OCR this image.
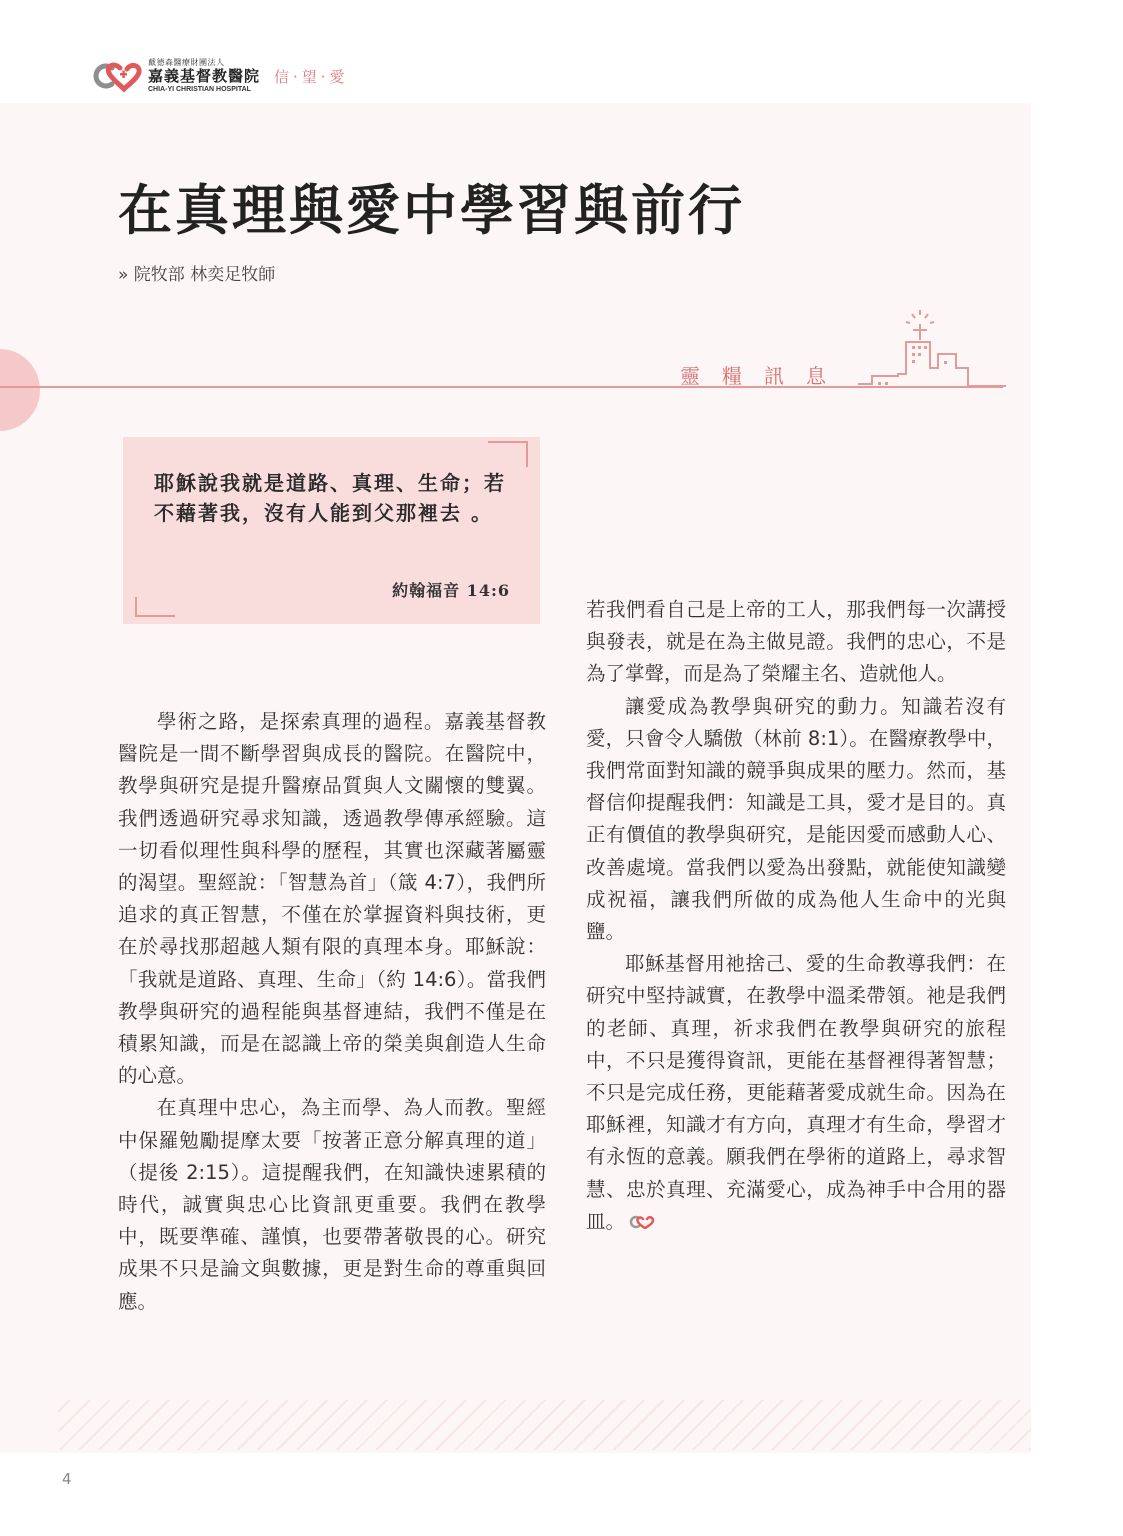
戴德森醫療財團法人
嘉義基督教醫院
CHIA-YI CHRISTIAN HOSPITAL
信·望·愛
在真理與愛中學習與前行
» 院牧部 林奕足牧師
靈糧訊息
耶穌說我就是道路、真理、生命；若不藉著我，沒有人能到父那裡去 。
約翰福音 14:6

學術之路，是探索真理的過程。嘉義基督教醫院是一間不斷學習與成長的醫院。在醫院中，教學與研究是提升醫療品質與人文關懷的雙翼。我們透過研究尋求知識，透過教學傳承經驗。這一切看似理性與科學的歷程，其實也深藏著屬靈的渴望。聖經說：「智慧為首」（箴 4:7），我們所追求的真正智慧，不僅在於掌握資料與技術，更在於尋找那超越人類有限的真理本身。耶穌說：「我就是道路、真理、生命」（約 14:6）。當我們教學與研究的過程能與基督連結，我們不僅是在積累知識，而是在認識上帝的榮美與創造人生命的心意。

在真理中忠心，為主而學、為人而教。聖經中保羅勉勵提摩太要「按著正意分解真理的道」（提後 2:15）。這提醒我們，在知識快速累積的時代，誠實與忠心比資訊更重要。我們在教學中，既要準確、謹慎，也要帶著敬畏的心。研究成果不只是論文與數據，更是對生命的尊重與回應。

若我們看自己是上帝的工人，那我們每一次講授與發表，就是在為主做見證。我們的忠心，不是為了掌聲，而是為了榮耀主名、造就他人。

讓愛成為教學與研究的動力。知識若沒有愛，只會令人驕傲（林前 8:1）。在醫療教學中，我們常面對知識的競爭與成果的壓力。然而，基督信仰提醒我們：知識是工具，愛才是目的。真正有價值的教學與研究，是能因愛而感動人心、改善處境。當我們以愛為出發點，就能使知識變成祝福，讓我們所做的成為他人生命中的光與鹽。

耶穌基督用祂捨己、愛的生命教導我們：在研究中堅持誠實，在教學中溫柔帶領。祂是我們的老師、真理，祈求我們在教學與研究的旅程中，不只是獲得資訊，更能在基督裡得著智慧；不只是完成任務，更能藉著愛成就生命。因為在耶穌裡，知識才有方向，真理才有生命，學習才有永恆的意義。願我們在學術的道路上，尋求智慧、忠於真理、充滿愛心，成為神手中合用的器皿。

4
